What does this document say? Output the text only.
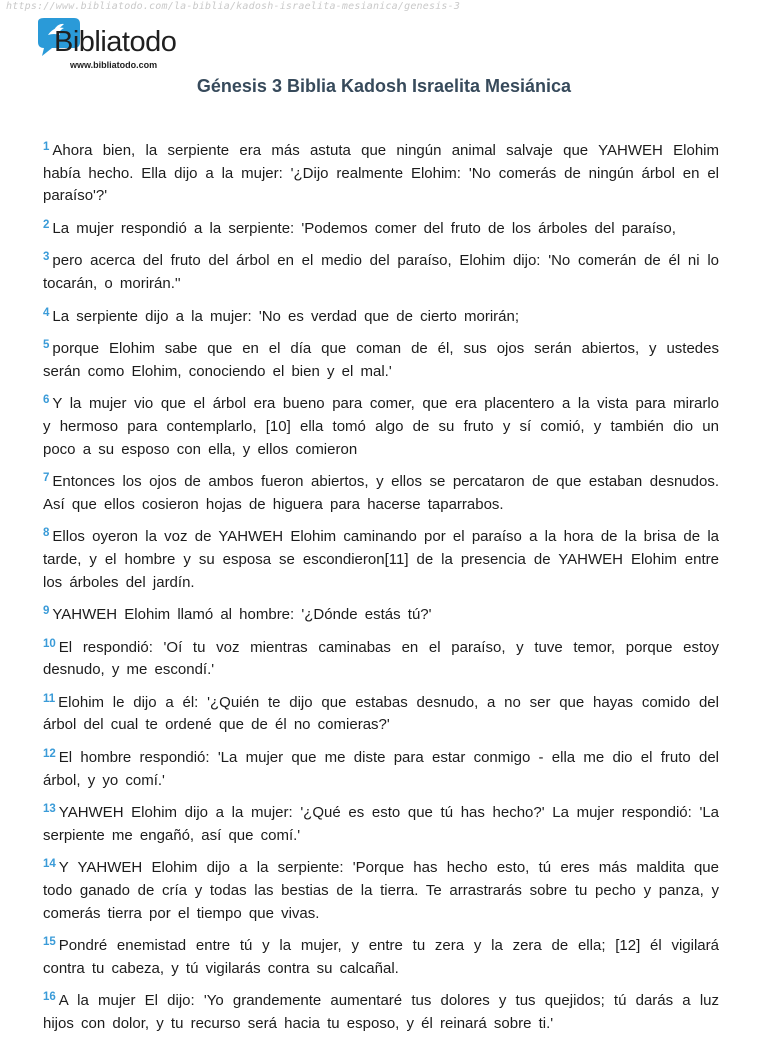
https://www.bibliatodo.com/la-biblia/kadosh-israelita-mesianica/genesis-3
Bibliatodo
www.bibliatodo.com
Génesis 3 Biblia Kadosh Israelita Mesiánica

$^1$ Ahora bien, la serpiente era más astuta que ningún animal salvaje que YAHWEH Elohim había hecho. Ella dijo a la mujer: '¿Dijo realmente Elohim: 'No comerás de ningún árbol en el paraíso'?'

$^2$ La mujer respondió a la serpiente: 'Podemos comer del fruto de los árboles del paraíso,

$^3$ pero acerca del fruto del árbol en el medio del paraíso, Elohim dijo: 'No comerán de él ni lo tocarán, o morirán.''

$^4$ La serpiente dijo a la mujer: 'No es verdad que de cierto morirán;

$^5$ porque Elohim sabe que en el día que coman de él, sus ojos serán abiertos, y ustedes serán como Elohim, conociendo el bien y el mal.'

$^6$ Y la mujer vio que el árbol era bueno para comer, que era placentero a la vista para mirarlo y hermoso para contemplarlo, [10] ella tomó algo de su fruto y sí comió, y también dio un poco a su esposo con ella, y ellos comieron

$^7$ Entonces los ojos de ambos fueron abiertos, y ellos se percataron de que estaban desnudos. Así que ellos cosieron hojas de higuera para hacerse taparrabos.

$^8$ Ellos oyeron la voz de YAHWEH Elohim caminando por el paraíso a la hora de la brisa de la tarde, y el hombre y su esposa se escondieron[11] de la presencia de YAHWEH Elohim entre los árboles del jardín.

$^9$ YAHWEH Elohim llamó al hombre: '¿Dónde estás tú?'

$^{10}$ El respondió: 'Oí tu voz mientras caminabas en el paraíso, y tuve temor, porque estoy desnudo, y me escondí.'

$^{11}$ Elohim le dijo a él: '¿Quién te dijo que estabas desnudo, a no ser que hayas comido del árbol del cual te ordené que de él no comieras?'

$^{12}$ El hombre respondió: 'La mujer que me diste para estar conmigo - ella me dio el fruto del árbol, y yo comí.'

$^{13}$ YAHWEH Elohim dijo a la mujer: '¿Qué es esto que tú has hecho?' La mujer respondió: 'La serpiente me engañó, así que comí.'

$^{14}$ Y YAHWEH Elohim dijo a la serpiente: 'Porque has hecho esto, tú eres más maldita que todo ganado de cría y todas las bestias de la tierra. Te arrastrarás sobre tu pecho y panza, y comerás tierra por el tiempo que vivas.

$^{15}$ Pondré enemistad entre tú y la mujer, y entre tu zera y la zera de ella; [12] él vigilará contra tu cabeza, y tú vigilarás contra su calcañal.

$^{16}$ A la mujer El dijo: 'Yo grandemente aumentaré tus dolores y tus quejidos; tú darás a luz hijos con dolor, y tu recurso será hacia tu esposo, y él reinará sobre ti.'
